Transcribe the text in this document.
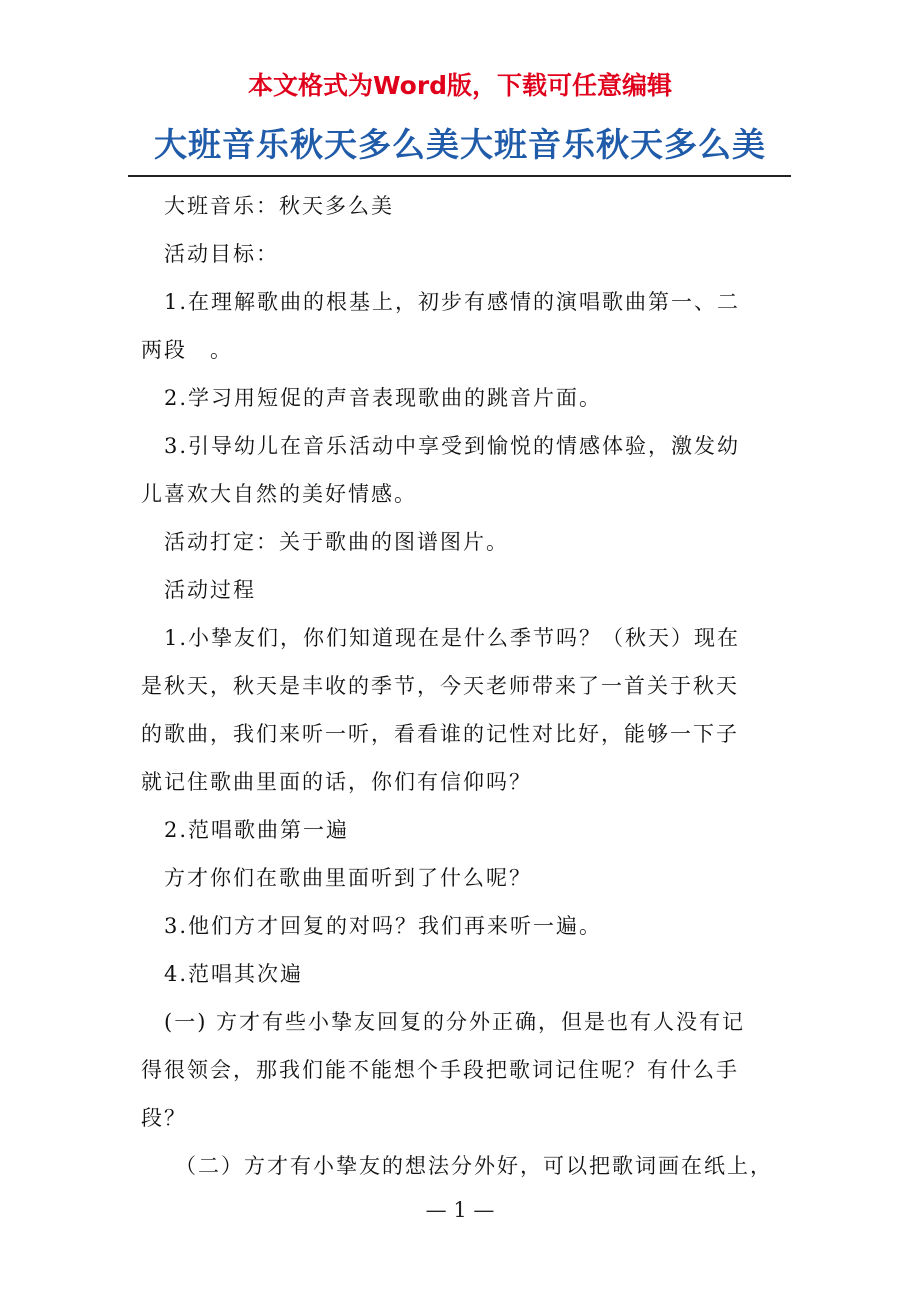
本文格式为Word版，下载可任意编辑
大班音乐秋天多么美大班音乐秋天多么美

大班音乐：秋天多么美

活动目标：

1.在理解歌曲的根基上，初步有感情的演唱歌曲第一、二
两段　。

2.学习用短促的声音表现歌曲的跳音片面。

3.引导幼儿在音乐活动中享受到愉悦的情感体验，激发幼
儿喜欢大自然的美好情感。

活动打定：关于歌曲的图谱图片。

活动过程

1.小挚友们，你们知道现在是什么季节吗？（秋天）现在
是秋天，秋天是丰收的季节，今天老师带来了一首关于秋天
的歌曲，我们来听一听，看看谁的记性对比好，能够一下子
就记住歌曲里面的话，你们有信仰吗？

2.范唱歌曲第一遍

方才你们在歌曲里面听到了什么呢？

3.他们方才回复的对吗？我们再来听一遍。

4.范唱其次遍

(一) 方才有些小挚友回复的分外正确，但是也有人没有记
得很领会，那我们能不能想个手段把歌词记住呢？有什么手
段？

（二）方才有小挚友的想法分外好，可以把歌词画在纸上，

— 1 —
